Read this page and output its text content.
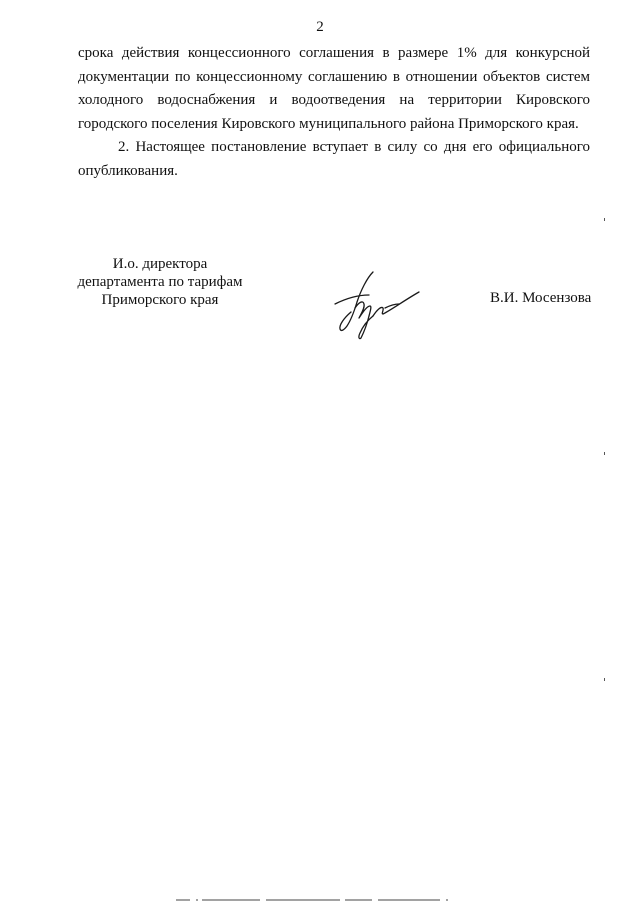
2

срока действия концессионного соглашения в размере 1% для конкурсной документации по концессионному соглашению в отношении объектов систем холодного водоснабжения и водоотведения на территории Кировского городского поселения Кировского муниципального района Приморского края.

2. Настоящее постановление вступает в силу со дня его официального опубликования.

И.о. директора
департамента по тарифам
Приморского края	В.И. Мосензова
